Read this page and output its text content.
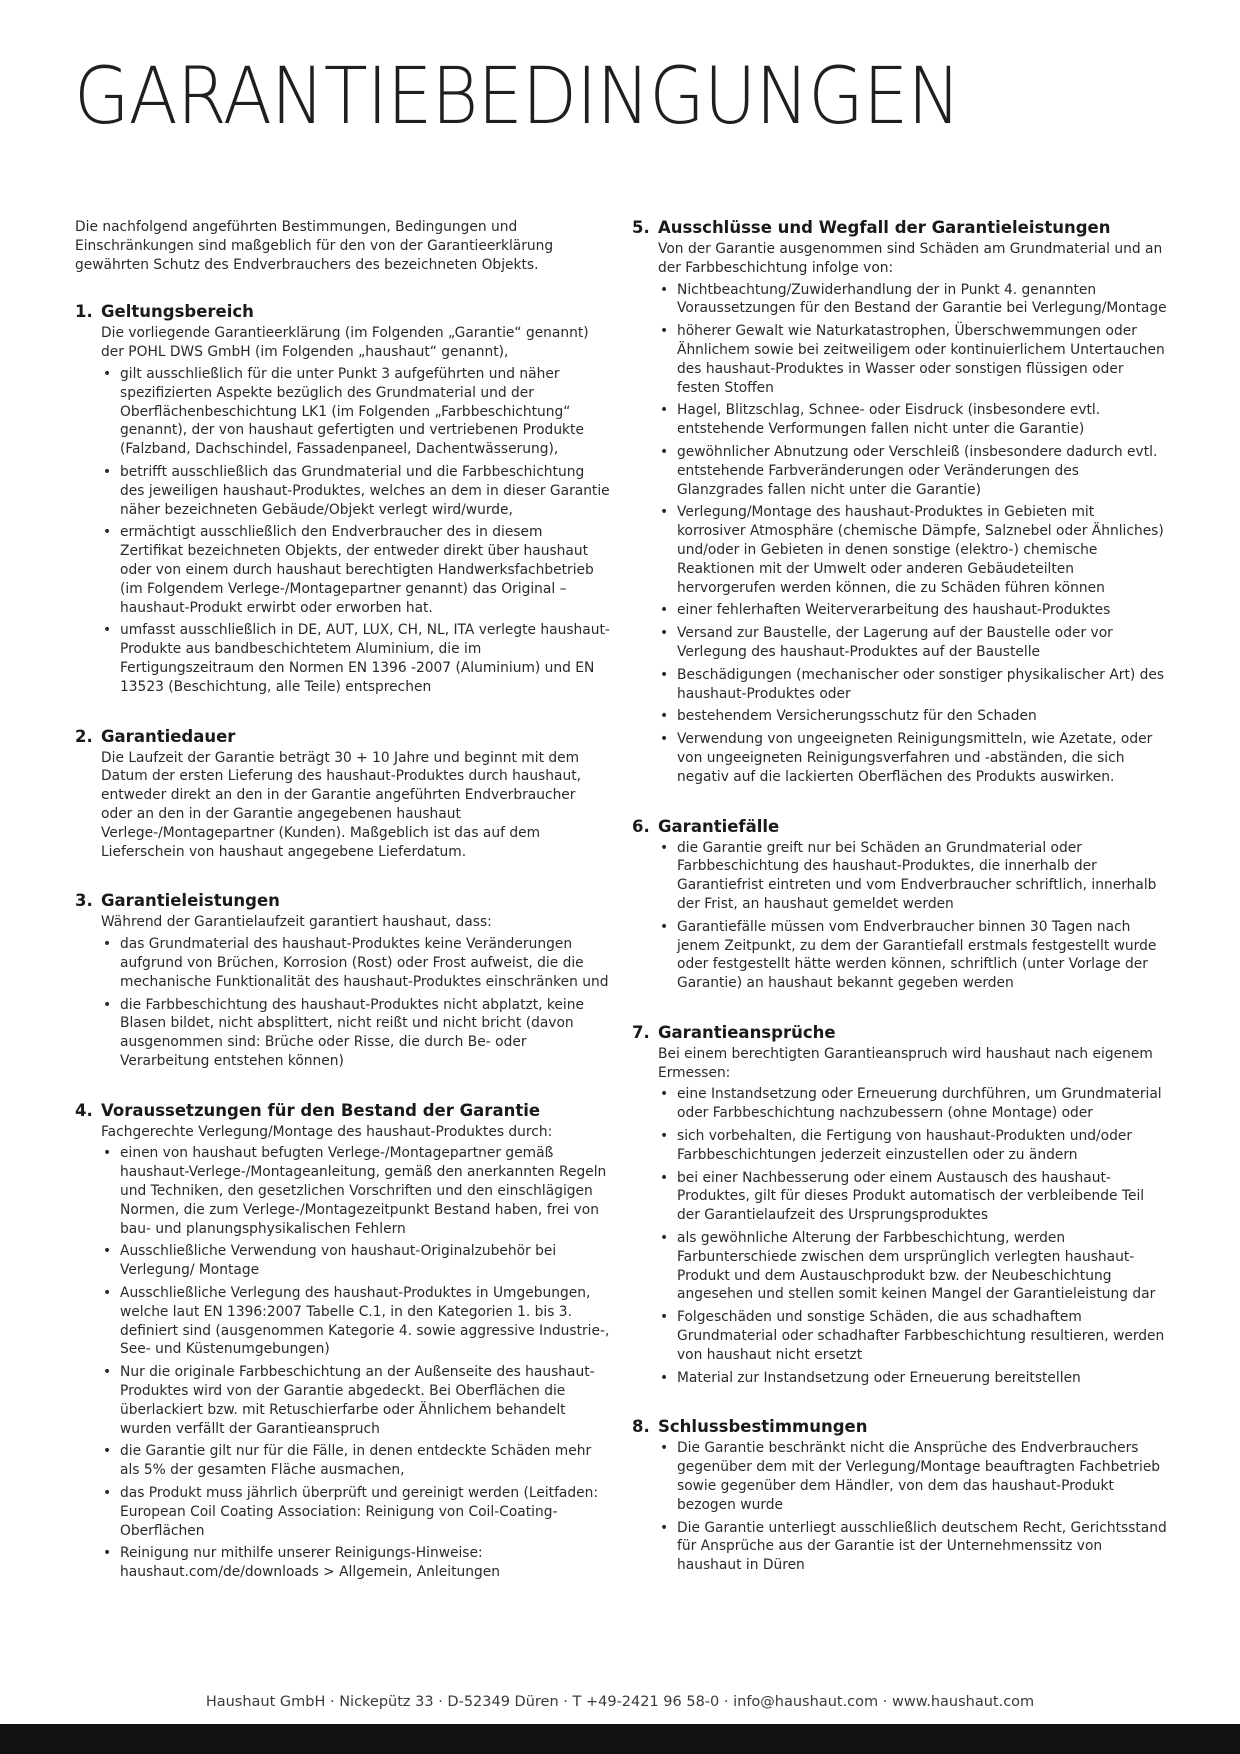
GARANTIEBEDINGUNGEN

Die nachfolgend angeführten Bestimmungen, Bedingungen und Einschränkungen sind maßgeblich für den von der Garantieerklärung gewährten Schutz des Endverbrauchers des bezeichneten Objekts.

1. Geltungsbereich

Die vorliegende Garantieerklärung (im Folgenden „Garantie“ genannt) der POHL DWS GmbH (im Folgenden „haushaut“ genannt),

• gilt ausschließlich für die unter Punkt 3 aufgeführten und näher spezifizierten Aspekte bezüglich des Grundmaterial und der Oberflächenbeschichtung LK1 (im Folgenden „Farbbeschichtung“ genannt), der von haushaut gefertigten und vertriebenen Produkte (Falzband, Dachschindel, Fassadenpaneel, Dachentwässerung),
• betrifft ausschließlich das Grundmaterial und die Farbbeschichtung des jeweiligen haushaut-Produktes, welches an dem in dieser Garantie näher bezeichneten Gebäude/Objekt verlegt wird/wurde,
• ermächtigt ausschließlich den Endverbraucher des in diesem Zertifikat bezeichneten Objekts, der entweder direkt über haushaut oder von einem durch haushaut berechtigten Handwerksfachbetrieb (im Folgendem Verlege-/Montagepartner genannt) das Original – haushaut-Produkt erwirbt oder erworben hat.
• umfasst ausschließlich in DE, AUT, LUX, CH, NL, ITA verlegte haushaut-Produkte aus bandbeschichtetem Aluminium, die im Fertigungszeitraum den Normen EN 1396 -2007 (Aluminium) und EN 13523 (Beschichtung, alle Teile) entsprechen
2. Garantiedauer

Die Laufzeit der Garantie beträgt 30 + 10 Jahre und beginnt mit dem Datum der ersten Lieferung des haushaut-Produktes durch haushaut, entweder direkt an den in der Garantie angeführten Endverbraucher oder an den in der Garantie angegebenen haushaut Verlege-/Montagepartner (Kunden). Maßgeblich ist das auf dem Lieferschein von haushaut angegebene Lieferdatum.

3. Garantieleistungen

Während der Garantielaufzeit garantiert haushaut, dass:

• das Grundmaterial des haushaut-Produktes keine Veränderungen aufgrund von Brüchen, Korrosion (Rost) oder Frost aufweist, die die mechanische Funktionalität des haushaut-Produktes einschränken und
• die Farbbeschichtung des haushaut-Produktes nicht abplatzt, keine Blasen bildet, nicht absplittert, nicht reißt und nicht bricht (davon ausgenommen sind: Brüche oder Risse, die durch Be- oder Verarbeitung entstehen können)
4. Voraussetzungen für den Bestand der Garantie

Fachgerechte Verlegung/Montage des haushaut-Produktes durch:

• einen von haushaut befugten Verlege-/Montagepartner gemäß haushaut-Verlege-/Montageanleitung, gemäß den anerkannten Regeln und Techniken, den gesetzlichen Vorschriften und den einschlägigen Normen, die zum Verlege-/Montagezeitpunkt Bestand haben, frei von bau- und planungsphysikalischen Fehlern
• Ausschließliche Verwendung von haushaut-Originalzubehör bei Verlegung/ Montage
• Ausschließliche Verlegung des haushaut-Produktes in Umgebungen, welche laut EN 1396:2007 Tabelle C.1, in den Kategorien 1. bis 3. definiert sind (ausgenommen Kategorie 4. sowie aggressive Industrie-, See- und Küstenumgebungen)
• Nur die originale Farbbeschichtung an der Außenseite des haushaut-Produktes wird von der Garantie abgedeckt. Bei Oberflächen die überlackiert bzw. mit Retuschierfarbe oder Ähnlichem behandelt wurden verfällt der Garantieanspruch
• die Garantie gilt nur für die Fälle, in denen entdeckte Schäden mehr als 5% der gesamten Fläche ausmachen,
• das Produkt muss jährlich überprüft und gereinigt werden (Leitfaden: European Coil Coating Association: Reinigung von Coil-Coating-Oberflächen
• Reinigung nur mithilfe unserer Reinigungs-Hinweise: haushaut.com/de/downloads > Allgemein, Anleitungen
5. Ausschlüsse und Wegfall der Garantieleistungen

Von der Garantie ausgenommen sind Schäden am Grundmaterial und an der Farbbeschichtung infolge von:

• Nichtbeachtung/Zuwiderhandlung der in Punkt 4. genannten Voraussetzungen für den Bestand der Garantie bei Verlegung/Montage
• höherer Gewalt wie Naturkatastrophen, Überschwemmungen oder Ähnlichem sowie bei zeitweiligem oder kontinuierlichem Untertauchen des haushaut-Produktes in Wasser oder sonstigen flüssigen oder festen Stoffen
• Hagel, Blitzschlag, Schnee- oder Eisdruck (insbesondere evtl. entstehende Verformungen fallen nicht unter die Garantie)
• gewöhnlicher Abnutzung oder Verschleiß (insbesondere dadurch evtl. entstehende Farbveränderungen oder Veränderungen des Glanzgrades fallen nicht unter die Garantie)
• Verlegung/Montage des haushaut-Produktes in Gebieten mit korrosiver Atmosphäre (chemische Dämpfe, Salznebel oder Ähnliches) und/oder in Gebieten in denen sonstige (elektro-) chemische Reaktionen mit der Umwelt oder anderen Gebäudeteilten hervorgerufen werden können, die zu Schäden führen können
• einer fehlerhaften Weiterverarbeitung des haushaut-Produktes
• Versand zur Baustelle, der Lagerung auf der Baustelle oder vor Verlegung des haushaut-Produktes auf der Baustelle
• Beschädigungen (mechanischer oder sonstiger physikalischer Art) des haushaut-Produktes oder
• bestehendem Versicherungsschutz für den Schaden
• Verwendung von ungeeigneten Reinigungsmitteln, wie Azetate, oder von ungeeigneten Reinigungsverfahren und -abständen, die sich negativ auf die lackierten Oberflächen des Produkts auswirken.
6. Garantiefälle
• die Garantie greift nur bei Schäden an Grundmaterial oder Farbbeschichtung des haushaut-Produktes, die innerhalb der Garantiefrist eintreten und vom Endverbraucher schriftlich, innerhalb der Frist, an haushaut gemeldet werden
• Garantiefälle müssen vom Endverbraucher binnen 30 Tagen nach jenem Zeitpunkt, zu dem der Garantiefall erstmals festgestellt wurde oder festgestellt hätte werden können, schriftlich (unter Vorlage der Garantie) an haushaut bekannt gegeben werden
7. Garantieansprüche

Bei einem berechtigten Garantieanspruch wird haushaut nach eigenem Ermessen:

• eine Instandsetzung oder Erneuerung durchführen, um Grundmaterial oder Farbbeschichtung nachzubessern (ohne Montage) oder
• sich vorbehalten, die Fertigung von haushaut-Produkten und/oder Farbbeschichtungen jederzeit einzustellen oder zu ändern
• bei einer Nachbesserung oder einem Austausch des haushaut-Produktes, gilt für dieses Produkt automatisch der verbleibende Teil der Garantielaufzeit des Ursprungsproduktes
• als gewöhnliche Alterung der Farbbeschichtung, werden Farbunterschiede zwischen dem ursprünglich verlegten haushaut-Produkt und dem Austauschprodukt bzw. der Neubeschichtung angesehen und stellen somit keinen Mangel der Garantieleistung dar
• Folgeschäden und sonstige Schäden, die aus schadhaftem Grundmaterial oder schadhafter Farbbeschichtung resultieren, werden von haushaut nicht ersetzt
• Material zur Instandsetzung oder Erneuerung bereitstellen
8. Schlussbestimmungen
• Die Garantie beschränkt nicht die Ansprüche des Endverbrauchers gegenüber dem mit der Verlegung/Montage beauftragten Fachbetrieb sowie gegenüber dem Händler, von dem das haushaut-Produkt bezogen wurde
• Die Garantie unterliegt ausschließlich deutschem Recht, Gerichtsstand für Ansprüche aus der Garantie ist der Unternehmenssitz von haushaut in Düren

Haushaut GmbH · Nickepütz 33 · D-52349 Düren · T +49-2421 96 58-0 · info@haushaut.com · www.haushaut.com
